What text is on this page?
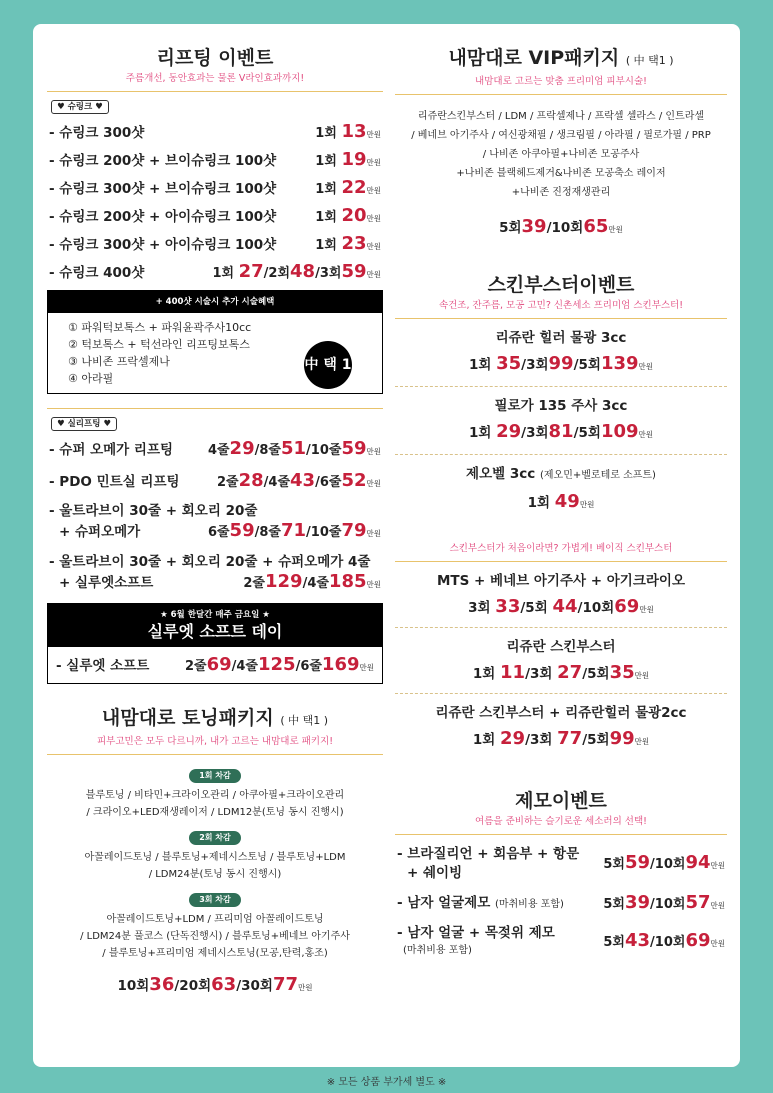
리프팅 이벤트

주름개선, 동안효과는 물론 V라인효과까지!

♥ 슈링크 ♥
- 슈링크 300샷	1회 13만원
- 슈링크 200샷 + 브이슈링크 100샷	1회 19만원
- 슈링크 300샷 + 브이슈링크 100샷	1회 22만원
- 슈링크 200샷 + 아이슈링크 100샷	1회 20만원
- 슈링크 300샷 + 아이슈링크 100샷	1회 23만원
- 슈링크 400샷	1회 27/2회48/3회59만원
+ 400샷 시술시 추가 시술혜택
① 파워턱보톡스 + 파워윤곽주사10cc
② 턱보톡스 + 턱선라인 리프팅보톡스
③ 나비존 프락셀제나
④ 아라필
中 택 1
♥ 실리프팅 ♥
- 슈퍼 오메가 리프팅	4줄29/8줄51/10줄59만원
- PDO 민트실 리프팅	2줄28/4줄43/6줄52만원
- 울트라브이 30줄 + 회오리 20줄
+ 슈퍼오메가	6줄59/8줄71/10줄79만원
- 울트라브이 30줄 + 회오리 20줄 + 슈퍼오메가 4줄
+ 실루엣소프트	2줄129/4줄185만원
★ 6월 한달간 매주 금요일 ★
실루엣 소프트 데이
- 실루엣 소프트	2줄69/4줄125/6줄169만원
내맘대로 토닝패키지 ( 中 택1 )

피부고민은 모두 다르니까, 내가 고르는 내맘대로 패키지!

1회 차감
블루토닝 / 비타민+크라이오관리 / 아쿠아필+크라이오관리
/ 크라이오+LED재생레이저 / LDM12분(토닝 동시 진행시)
2회 차감
아꼴레이드토닝 / 블루토닝+제네시스토닝 / 블루토닝+LDM
/ LDM24분(토닝 동시 진행시)
3회 차감
아꼴레이드토닝+LDM / 프리미엄 아꼴레이드토닝
/ LDM24분 풀코스 (단독진행시) / 블루토닝+베네브 아기주사
/ 블루토닝+프리미엄 제네시스토닝(모공,탄력,홍조)
10회36/20회63/30회77만원
내맘대로 VIP패키지 ( 中 택1 )

내맘대로 고르는 맞춤 프리미엄 피부시술!

리쥬란스킨부스터 / LDM / 프락셀제나 / 프락셀 셀라스 / 인트라셀
/ 베네브 아기주사 / 여신광채필 / 생크림필 / 아라필 / 필로가필 / PRP
/ 나비존 아쿠아필+나비존 모공주사
+나비존 블랙헤드제거&나비존 모공축소 레이저
+나비존 진정재생관리
5회39/10회65만원
스킨부스터이벤트

속건조, 잔주름, 모공 고민? 신촌세소 프리미엄 스킨부스터!

리쥬란 힐러 물광 3cc

1회 35/3회99/5회139만원

필로가 135 주사 3cc

1회 29/3회81/5회109만원

제오벨 3cc (제오민+벨로테로 소프트)

1회 49만원

스킨부스터가 처음이라면? 가볍게! 베이직 스킨부스터

MTS + 베네브 아기주사 + 아기크라이오

3회 33/5회 44/10회69만원

리쥬란 스킨부스터

1회 11/3회 27/5회35만원

리쥬란 스킨부스터 + 리쥬란힐러 물광2cc

1회 29/3회 77/5회99만원
제모이벤트

여름을 준비하는 슬기로운 세소러의 선택!

- 브라질리언 + 회음부 + 항문
+ 쉐이빙
5회59/10회94만원
- 남자 얼굴제모 (마취비용 포함)	5회39/10회57만원
- 남자 얼굴 + 목젖위 제모
(마취비용 포함)
5회43/10회69만원
※ 모든 상품 부가세 별도 ※
